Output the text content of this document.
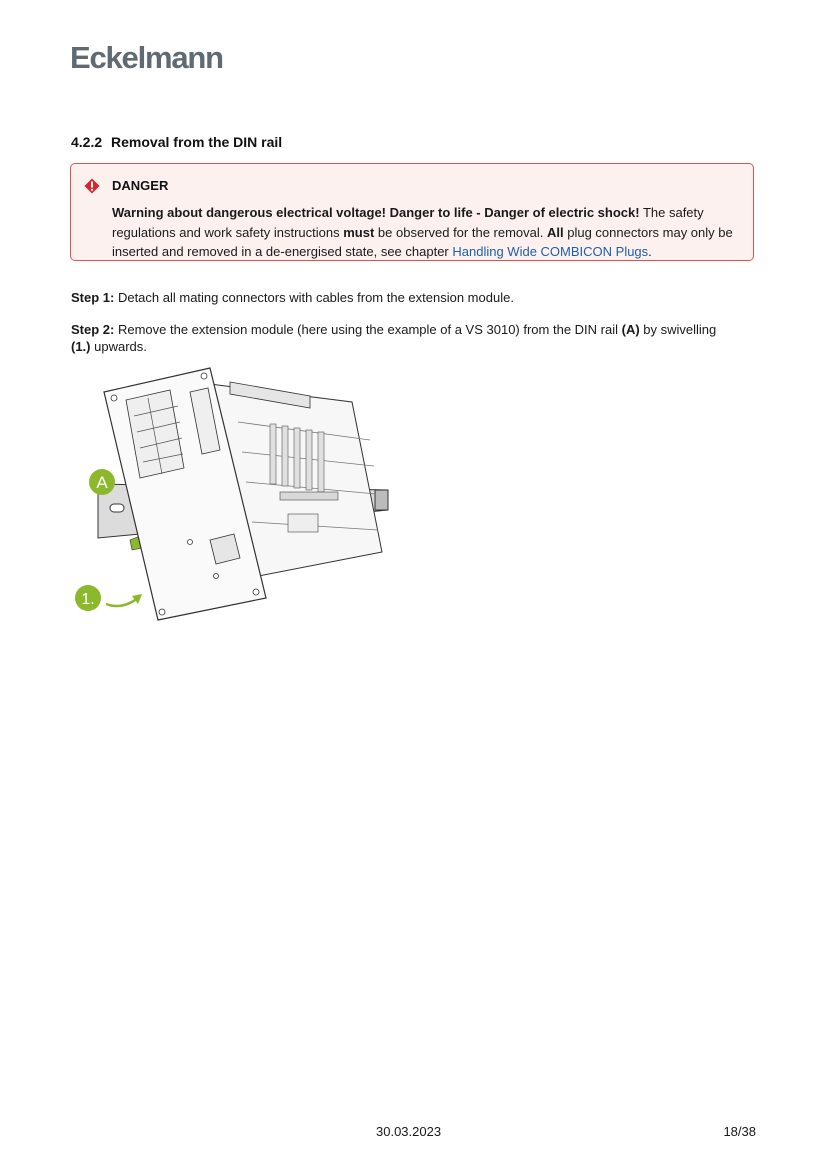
Eckelmann
4.2.2 Removal from the DIN rail
DANGER
Warning about dangerous electrical voltage! Danger to life - Danger of electric shock! The safety regulations and work safety instructions must be observed for the removal. All plug connectors may only be inserted and removed in a de-energised state, see chapter Handling Wide COMBICON Plugs.
Step 1: Detach all mating connectors with cables from the extension module.
Step 2: Remove the extension module (here using the example of a VS 3010) from the DIN rail (A) by swivelling (1.) upwards.
A
1.
30.03.2023	18/38
